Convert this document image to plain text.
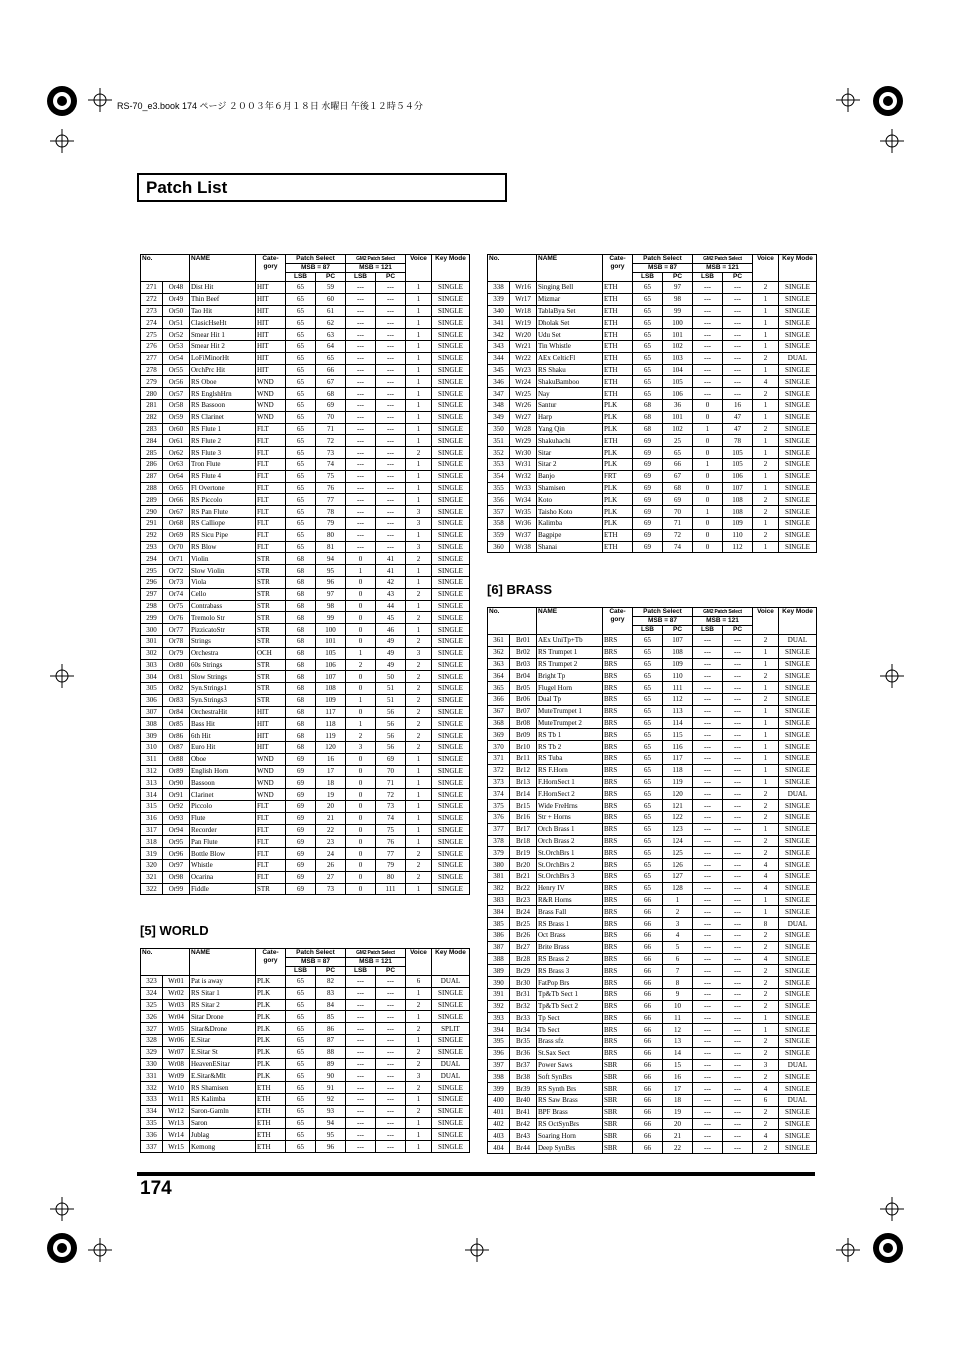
RS-70_e3.book 174 ページ ２００３年６月１８日 水曜日 午後１２時５４分
Patch List
[5] WORLD
[6] BRASS
No.		NAME	Cate-gory	Patch Select		GM2 Patch Select		Voice	Key Mode
				MSB = 87		MSB = 121			
				LSB	PC	LSB	PC		
271	Or48	Dist Hit	HIT	65	59	---	---	1	SINGLE
272	Or49	Thin Beef	HIT	65	60	---	---	1	SINGLE
273	Or50	Tao Hit	HIT	65	61	---	---	1	SINGLE
274	Or51	ClasicHseHt	HIT	65	62	---	---	1	SINGLE
275	Or52	Smear Hit 1	HIT	65	63	---	---	1	SINGLE
276	Or53	Smear Hit 2	HIT	65	64	---	---	1	SINGLE
277	Or54	LoFiMinorHt	HIT	65	65	---	---	1	SINGLE
278	Or55	OrchPrc Hit	HIT	65	66	---	---	1	SINGLE
279	Or56	RS Oboe	WND	65	67	---	---	1	SINGLE
280	Or57	RS EnglshHrn	WND	65	68	---	---	1	SINGLE
281	Or58	RS Bassoon	WND	65	69	---	---	1	SINGLE
282	Or59	RS Clarinet	WND	65	70	---	---	1	SINGLE
283	Or60	RS Flute 1	FLT	65	71	---	---	1	SINGLE
284	Or61	RS Flute 2	FLT	65	72	---	---	1	SINGLE
285	Or62	RS Flute 3	FLT	65	73	---	---	2	SINGLE
286	Or63	Tron Flute	FLT	65	74	---	---	1	SINGLE
287	Or64	RS Flute 4	FLT	65	75	---	---	1	SINGLE
288	Or65	Fl Overtone	FLT	65	76	---	---	1	SINGLE
289	Or66	RS Piccolo	FLT	65	77	---	---	1	SINGLE
290	Or67	RS Pan Flute	FLT	65	78	---	---	3	SINGLE
291	Or68	RS Calliope	FLT	65	79	---	---	3	SINGLE
292	Or69	RS Sicu Pipe	FLT	65	80	---	---	1	SINGLE
293	Or70	RS Blow	FLT	65	81	---	---	3	SINGLE
294	Or71	Violin	STR	68	94	0	41	2	SINGLE
295	Or72	Slow Violin	STR	68	95	1	41	1	SINGLE
296	Or73	Viola	STR	68	96	0	42	1	SINGLE
297	Or74	Cello	STR	68	97	0	43	2	SINGLE
298	Or75	Contrabass	STR	68	98	0	44	1	SINGLE
299	Or76	Tremolo Str	STR	68	99	0	45	2	SINGLE
300	Or77	PizzicatoStr	STR	68	100	0	46	1	SINGLE
301	Or78	Strings	STR	68	101	0	49	2	SINGLE
302	Or79	Orchestra	OCH	68	105	1	49	3	SINGLE
303	Or80	60s Strings	STR	68	106	2	49	2	SINGLE
304	Or81	Slow Strings	STR	68	107	0	50	2	SINGLE
305	Or82	Syn.Strings1	STR	68	108	0	51	2	SINGLE
306	Or83	Syn.Strings3	STR	68	109	1	51	2	SINGLE
307	Or84	OrchestraHit	HIT	68	117	0	56	2	SINGLE
308	Or85	Bass Hit	HIT	68	118	1	56	2	SINGLE
309	Or86	6th Hit	HIT	68	119	2	56	2	SINGLE
310	Or87	Euro Hit	HIT	68	120	3	56	2	SINGLE
311	Or88	Oboe	WND	69	16	0	69	1	SINGLE
312	Or89	English Horn	WND	69	17	0	70	1	SINGLE
313	Or90	Bassoon	WND	69	18	0	71	1	SINGLE
314	Or91	Clarinet	WND	69	19	0	72	1	SINGLE
315	Or92	Piccolo	FLT	69	20	0	73	1	SINGLE
316	Or93	Flute	FLT	69	21	0	74	1	SINGLE
317	Or94	Recorder	FLT	69	22	0	75	1	SINGLE
318	Or95	Pan Flute	FLT	69	23	0	76	1	SINGLE
319	Or96	Bottle Blow	FLT	69	24	0	77	2	SINGLE
320	Or97	Whistle	FLT	69	26	0	79	2	SINGLE
321	Or98	Ocarina	FLT	69	27	0	80	2	SINGLE
322	Or99	Fiddle	STR	69	73	0	111	1	SINGLE
No.		NAME	Cate-gory	Patch Select		GM2 Patch Select		Voice	Key Mode
				MSB = 87		MSB = 121			
				LSB	PC	LSB	PC		
323	Wr01	Pat is away	PLK	65	82	---	---	6	DUAL
324	Wr02	RS Sitar 1	PLK	65	83	---	---	1	SINGLE
325	Wr03	RS Sitar 2	PLK	65	84	---	---	2	SINGLE
326	Wr04	Sitar Drone	PLK	65	85	---	---	1	SINGLE
327	Wr05	Sitar&Drone	PLK	65	86	---	---	2	SPLIT
328	Wr06	E.Sitar	PLK	65	87	---	---	1	SINGLE
329	Wr07	E.Sitar St	PLK	65	88	---	---	2	SINGLE
330	Wr08	HeavenESitar	PLK	65	89	---	---	2	DUAL
331	Wr09	E.Sitar&Mlt	PLK	65	90	---	---	3	DUAL
332	Wr10	RS Shamisen	ETH	65	91	---	---	2	SINGLE
333	Wr11	RS Kalimba	ETH	65	92	---	---	1	SINGLE
334	Wr12	Saron-Gamln	ETH	65	93	---	---	2	SINGLE
335	Wr13	Saron	ETH	65	94	---	---	1	SINGLE
336	Wr14	Jublag	ETH	65	95	---	---	1	SINGLE
337	Wr15	Kemong	ETH	65	96	---	---	1	SINGLE
No.		NAME	Cate-gory	Patch Select		GM2 Patch Select		Voice	Key Mode
				MSB = 87		MSB = 121			
				LSB	PC	LSB	PC		
338	Wr16	Singing Bell	ETH	65	97	---	---	2	SINGLE
339	Wr17	Mizmar	ETH	65	98	---	---	1	SINGLE
340	Wr18	TablaBya Set	ETH	65	99	---	---	1	SINGLE
341	Wr19	Dholak Set	ETH	65	100	---	---	1	SINGLE
342	Wr20	Udu Set	ETH	65	101	---	---	1	SINGLE
343	Wr21	Tin Whistle	ETH	65	102	---	---	1	SINGLE
344	Wr22	AEx CelticFl	ETH	65	103	---	---	2	DUAL
345	Wr23	RS Shaku	ETH	65	104	---	---	1	SINGLE
346	Wr24	ShakuBamboo	ETH	65	105	---	---	4	SINGLE
347	Wr25	Nay	ETH	65	106	---	---	2	SINGLE
348	Wr26	Santur	PLK	68	36	0	16	1	SINGLE
349	Wr27	Harp	PLK	68	101	0	47	1	SINGLE
350	Wr28	Yang Qin	PLK	68	102	1	47	2	SINGLE
351	Wr29	Shakuhachi	ETH	69	25	0	78	1	SINGLE
352	Wr30	Sitar	PLK	69	65	0	105	1	SINGLE
353	Wr31	Sitar 2	PLK	69	66	1	105	2	SINGLE
354	Wr32	Banjo	FRT	69	67	0	106	1	SINGLE
355	Wr33	Shamisen	PLK	69	68	0	107	1	SINGLE
356	Wr34	Koto	PLK	69	69	0	108	2	SINGLE
357	Wr35	Taisho Koto	PLK	69	70	1	108	2	SINGLE
358	Wr36	Kalimba	PLK	69	71	0	109	1	SINGLE
359	Wr37	Bagpipe	ETH	69	72	0	110	2	SINGLE
360	Wr38	Shanai	ETH	69	74	0	112	1	SINGLE
No.		NAME	Cate-gory	Patch Select		GM2 Patch Select		Voice	Key Mode
				MSB = 87		MSB = 121			
				LSB	PC	LSB	PC		
361	Br01	AEx UniTp+Tb	BRS	65	107	---	---	2	DUAL
362	Br02	RS Trumpet 1	BRS	65	108	---	---	1	SINGLE
363	Br03	RS Trumpet 2	BRS	65	109	---	---	1	SINGLE
364	Br04	Bright Tp	BRS	65	110	---	---	2	SINGLE
365	Br05	Flugel Horn	BRS	65	111	---	---	1	SINGLE
366	Br06	Dual Tp	BRS	65	112	---	---	2	SINGLE
367	Br07	MuteTrumpet 1	BRS	65	113	---	---	1	SINGLE
368	Br08	MuteTrumpet 2	BRS	65	114	---	---	1	SINGLE
369	Br09	RS Tb 1	BRS	65	115	---	---	1	SINGLE
370	Br10	RS Tb 2	BRS	65	116	---	---	1	SINGLE
371	Br11	RS Tuba	BRS	65	117	---	---	1	SINGLE
372	Br12	RS F.Horn	BRS	65	118	---	---	1	SINGLE
373	Br13	F.HornSect 1	BRS	65	119	---	---	1	SINGLE
374	Br14	F.HornSect 2	BRS	65	120	---	---	2	DUAL
375	Br15	Wide FreHrns	BRS	65	121	---	---	2	SINGLE
376	Br16	Str + Horns	BRS	65	122	---	---	2	SINGLE
377	Br17	Orch Brass 1	BRS	65	123	---	---	1	SINGLE
378	Br18	Orch Brass 2	BRS	65	124	---	---	2	SINGLE
379	Br19	St.OrchBrs 1	BRS	65	125	---	---	2	SINGLE
380	Br20	St.OrchBrs 2	BRS	65	126	---	---	4	SINGLE
381	Br21	St.OrchBrs 3	BRS	65	127	---	---	4	SINGLE
382	Br22	Henry IV	BRS	65	128	---	---	4	SINGLE
383	Br23	R&R Horns	BRS	66	1	---	---	1	SINGLE
384	Br24	Brass Fall	BRS	66	2	---	---	1	SINGLE
385	Br25	RS Brass 1	BRS	66	3	---	---	8	DUAL
386	Br26	Oct Brass	BRS	66	4	---	---	2	SINGLE
387	Br27	Brite Brass	BRS	66	5	---	---	2	SINGLE
388	Br28	RS Brass 2	BRS	66	6	---	---	4	SINGLE
389	Br29	RS Brass 3	BRS	66	7	---	---	2	SINGLE
390	Br30	FatPop Brs	BRS	66	8	---	---	2	SINGLE
391	Br31	Tp&Tb Sect 1	BRS	66	9	---	---	2	SINGLE
392	Br32	Tp&Tb Sect 2	BRS	66	10	---	---	2	SINGLE
393	Br33	Tp Sect	BRS	66	11	---	---	1	SINGLE
394	Br34	Tb Sect	BRS	66	12	---	---	1	SINGLE
395	Br35	Brass sfz	BRS	66	13	---	---	2	SINGLE
396	Br36	St.Sax Sect	BRS	66	14	---	---	2	SINGLE
397	Br37	Power Saws	SBR	66	15	---	---	3	DUAL
398	Br38	Soft SynBrs	SBR	66	16	---	---	2	SINGLE
399	Br39	RS Synth Brs	SBR	66	17	---	---	4	SINGLE
400	Br40	RS Saw Brass	SBR	66	18	---	---	6	DUAL
401	Br41	BPF Brass	SBR	66	19	---	---	2	SINGLE
402	Br42	RS OctSynBrs	SBR	66	20	---	---	2	SINGLE
403	Br43	Soaring Horn	SBR	66	21	---	---	4	SINGLE
404	Br44	Deep SynBrs	SBR	66	22	---	---	2	SINGLE
174
